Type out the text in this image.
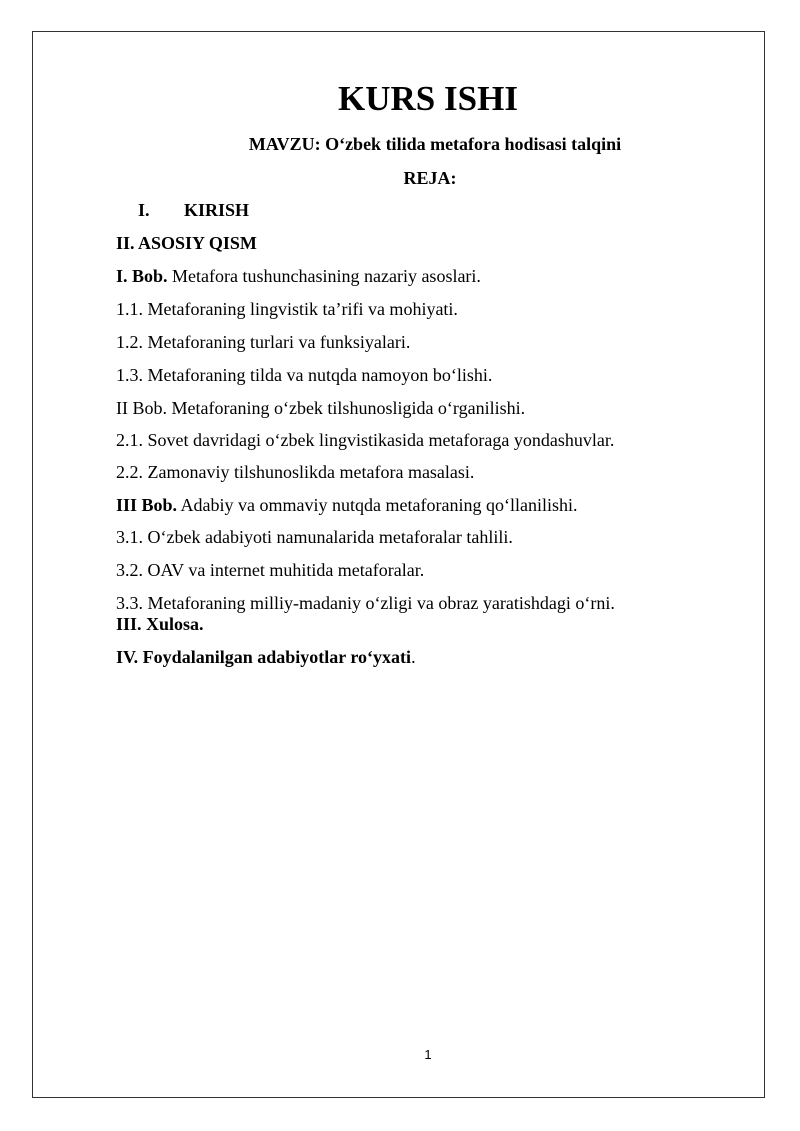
KURS ISHI
MAVZU: O‘zbek tilida metafora hodisasi talqini
REJA:
I. KIRISH
II. ASOSIY QISM
I. Bob. Metafora tushunchasining nazariy asoslari.
1.1. Metaforaning lingvistik ta’rifi va mohiyati.
1.2. Metaforaning turlari va funksiyalari.
1.3. Metaforaning tilda va nutqda namoyon bo‘lishi.
II Bob. Metaforaning o‘zbek tilshunosligida o‘rganilishi.
2.1. Sovet davridagi o‘zbek lingvistikasida metaforaga yondashuvlar.
2.2. Zamonaviy tilshunoslikda metafora masalasi.
III Bob. Adabiy va ommaviy nutqda metaforaning qo‘llanilishi.
3.1. O‘zbek adabiyoti namunalarida metaforalar tahlili.
3.2. OAV va internet muhitida metaforalar.
3.3. Metaforaning milliy-madaniy o‘zligi va obraz yaratishdagi o‘rni.
III. Xulosa.
IV. Foydalanilgan adabiyotlar ro‘yxati.
1
